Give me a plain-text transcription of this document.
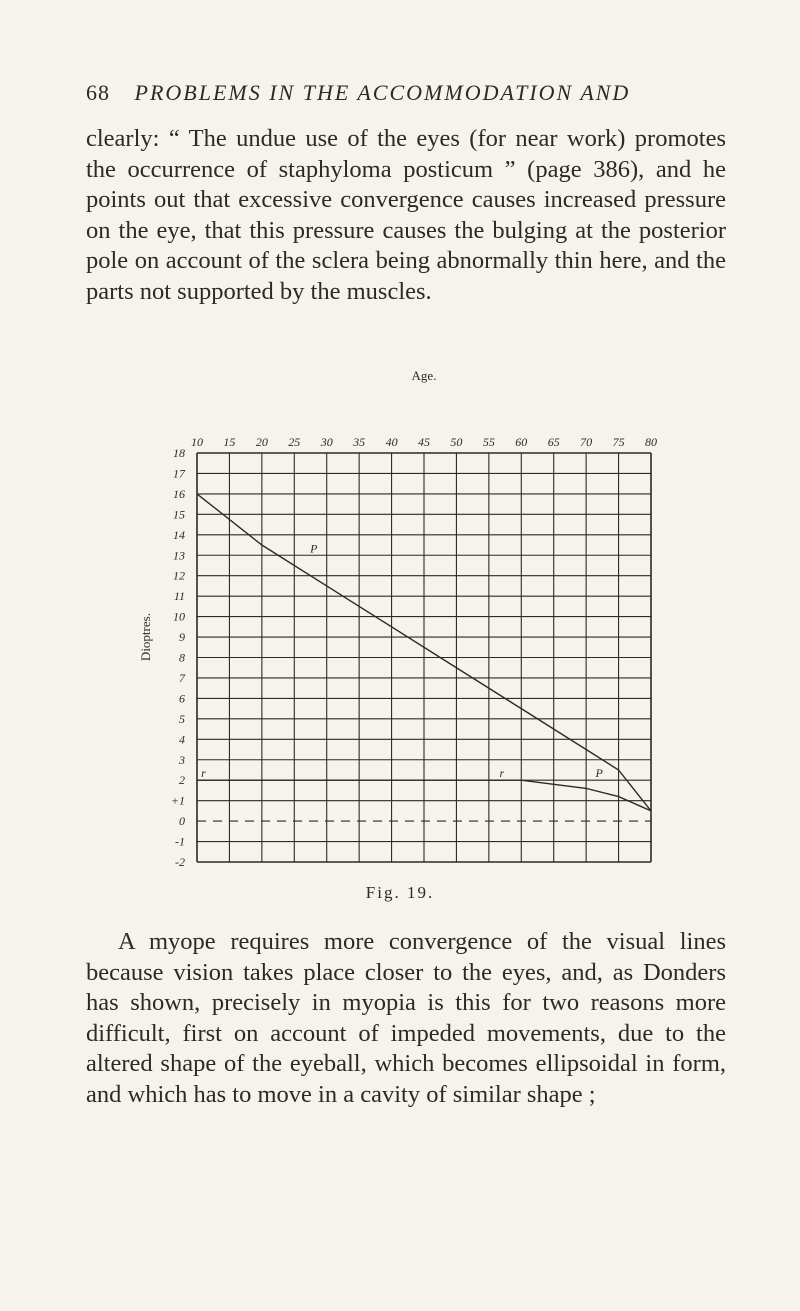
68 PROBLEMS IN THE ACCOMMODATION AND

clearly: “ The undue use of the eyes (for near work) promotes the occurrence of staphyloma posticum ” (page 386), and he points out that excessive convergence causes increased pressure on the eye, that this pressure causes the bulging at the posterior pole on account of the sclera being abnormally thin here, and the parts not supported by the muscles.

10 15 20 25 30 35 40 45 50 55 60 65 70 75 80
18
17
16
15
14
13
12
11
10
9
8
7
6
5
4
3
2
+1
0
-1
-2
P
r	r	P
Age.
Dioptres.
Fig. 19.

A myope requires more convergence of the visual lines because vision takes place closer to the eyes, and, as Donders has shown, precisely in myopia is this for two reasons more difficult, first on account of impeded movements, due to the altered shape of the eyeball, which becomes ellipsoidal in form, and which has to move in a cavity of similar shape ;
